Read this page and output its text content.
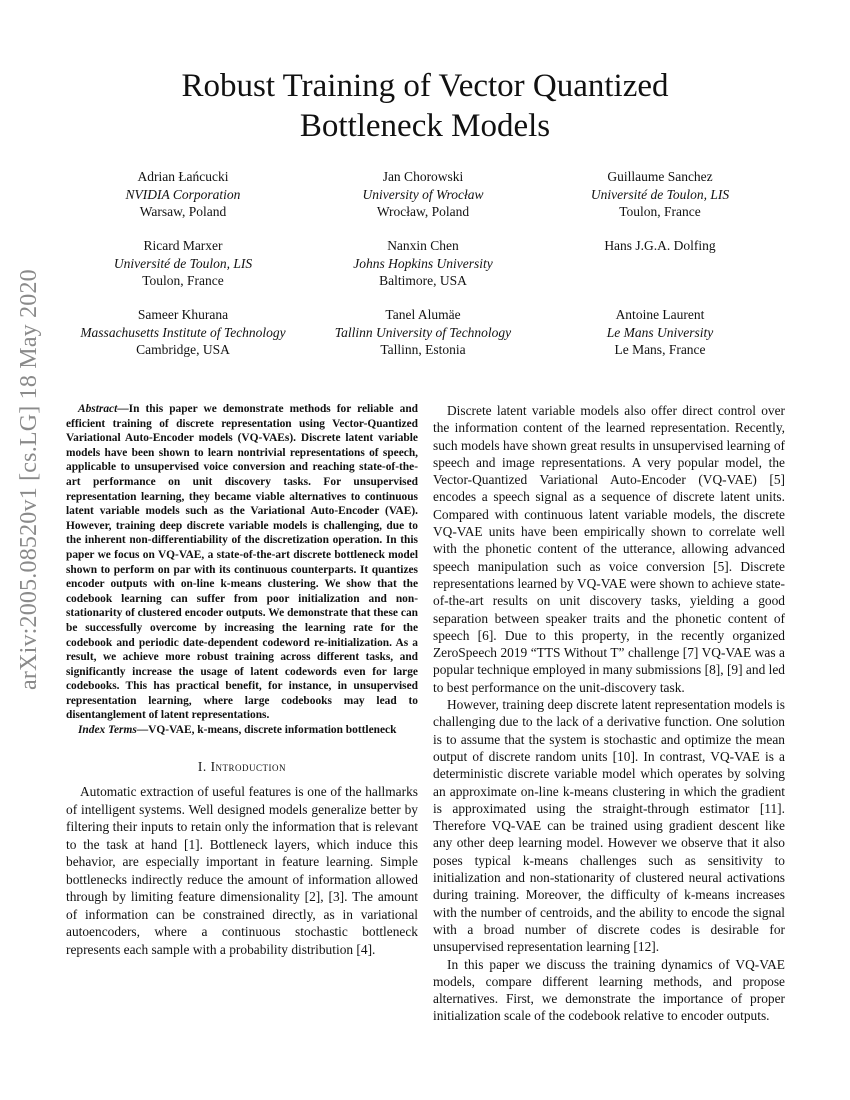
arXiv:2005.08520v1 [cs.LG] 18 May 2020
Robust Training of Vector Quantized
Bottleneck Models
Adrian Łańcucki
NVIDIA Corporation
Warsaw, Poland
Jan Chorowski
University of Wrocław
Wrocław, Poland
Guillaume Sanchez
Université de Toulon, LIS
Toulon, France
Ricard Marxer
Université de Toulon, LIS
Toulon, France
Nanxin Chen
Johns Hopkins University
Baltimore, USA
Hans J.G.A. Dolfing
Sameer Khurana
Massachusetts Institute of Technology
Cambridge, USA
Tanel Alumäe
Tallinn University of Technology
Tallinn, Estonia
Antoine Laurent
Le Mans University
Le Mans, France

Abstract—In this paper we demonstrate methods for reliable and efficient training of discrete representation using Vector-Quantized Variational Auto-Encoder models (VQ-VAEs). Discrete latent variable models have been shown to learn nontrivial representations of speech, applicable to unsupervised voice conversion and reaching state-of-the-art performance on unit discovery tasks. For unsupervised representation learning, they became viable alternatives to continuous latent variable models such as the Variational Auto-Encoder (VAE). However, training deep discrete variable models is challenging, due to the inherent non-differentiability of the discretization operation. In this paper we focus on VQ-VAE, a state-of-the-art discrete bottleneck model shown to perform on par with its continuous counterparts. It quantizes encoder outputs with on-line k-means clustering. We show that the codebook learning can suffer from poor initialization and non-stationarity of clustered encoder outputs. We demonstrate that these can be successfully overcome by increasing the learning rate for the codebook and periodic date-dependent codeword re-initialization. As a result, we achieve more robust training across different tasks, and significantly increase the usage of latent codewords even for large codebooks. This has practical benefit, for instance, in unsupervised representation learning, where large codebooks may lead to disentanglement of latent representations.

Index Terms—VQ-VAE, k-means, discrete information bottleneck

I. Introduction

Automatic extraction of useful features is one of the hallmarks of intelligent systems. Well designed models generalize better by filtering their inputs to retain only the information that is relevant to the task at hand [1]. Bottleneck layers, which induce this behavior, are especially important in feature learning. Simple bottlenecks indirectly reduce the amount of information allowed through by limiting feature dimensionality [2], [3]. The amount of information can be constrained directly, as in variational autoencoders, where a continuous stochastic bottleneck represents each sample with a probability distribution [4].

Discrete latent variable models also offer direct control over the information content of the learned representation. Recently, such models have shown great results in unsupervised learning of speech and image representations. A very popular model, the Vector-Quantized Variational Auto-Encoder (VQ-VAE) [5] encodes a speech signal as a sequence of discrete latent units. Compared with continuous latent variable models, the discrete VQ-VAE units have been empirically shown to correlate well with the phonetic content of the utterance, allowing advanced speech manipulation such as voice conversion [5]. Discrete representations learned by VQ-VAE were shown to achieve state-of-the-art results on unit discovery tasks, yielding a good separation between speaker traits and the phonetic content of speech [6]. Due to this property, in the recently organized ZeroSpeech 2019 “TTS Without T” challenge [7] VQ-VAE was a popular technique employed in many submissions [8], [9] and led to best performance on the unit-discovery task.

However, training deep discrete latent representation models is challenging due to the lack of a derivative function. One solution is to assume that the system is stochastic and optimize the mean output of discrete random units [10]. In contrast, VQ-VAE is a deterministic discrete variable model which operates by solving an approximate on-line k-means clustering in which the gradient is approximated using the straight-through estimator [11]. Therefore VQ-VAE can be trained using gradient descent like any other deep learning model. However we observe that it also poses typical k-means challenges such as sensitivity to initialization and non-stationarity of clustered neural activations during training. Moreover, the difficulty of k-means increases with the number of centroids, and the ability to encode the signal with a broad number of discrete codes is desirable for unsupervised representation learning [12].

In this paper we discuss the training dynamics of VQ-VAE models, compare different learning methods, and propose alternatives. First, we demonstrate the importance of proper initialization scale of the codebook relative to encoder outputs.
